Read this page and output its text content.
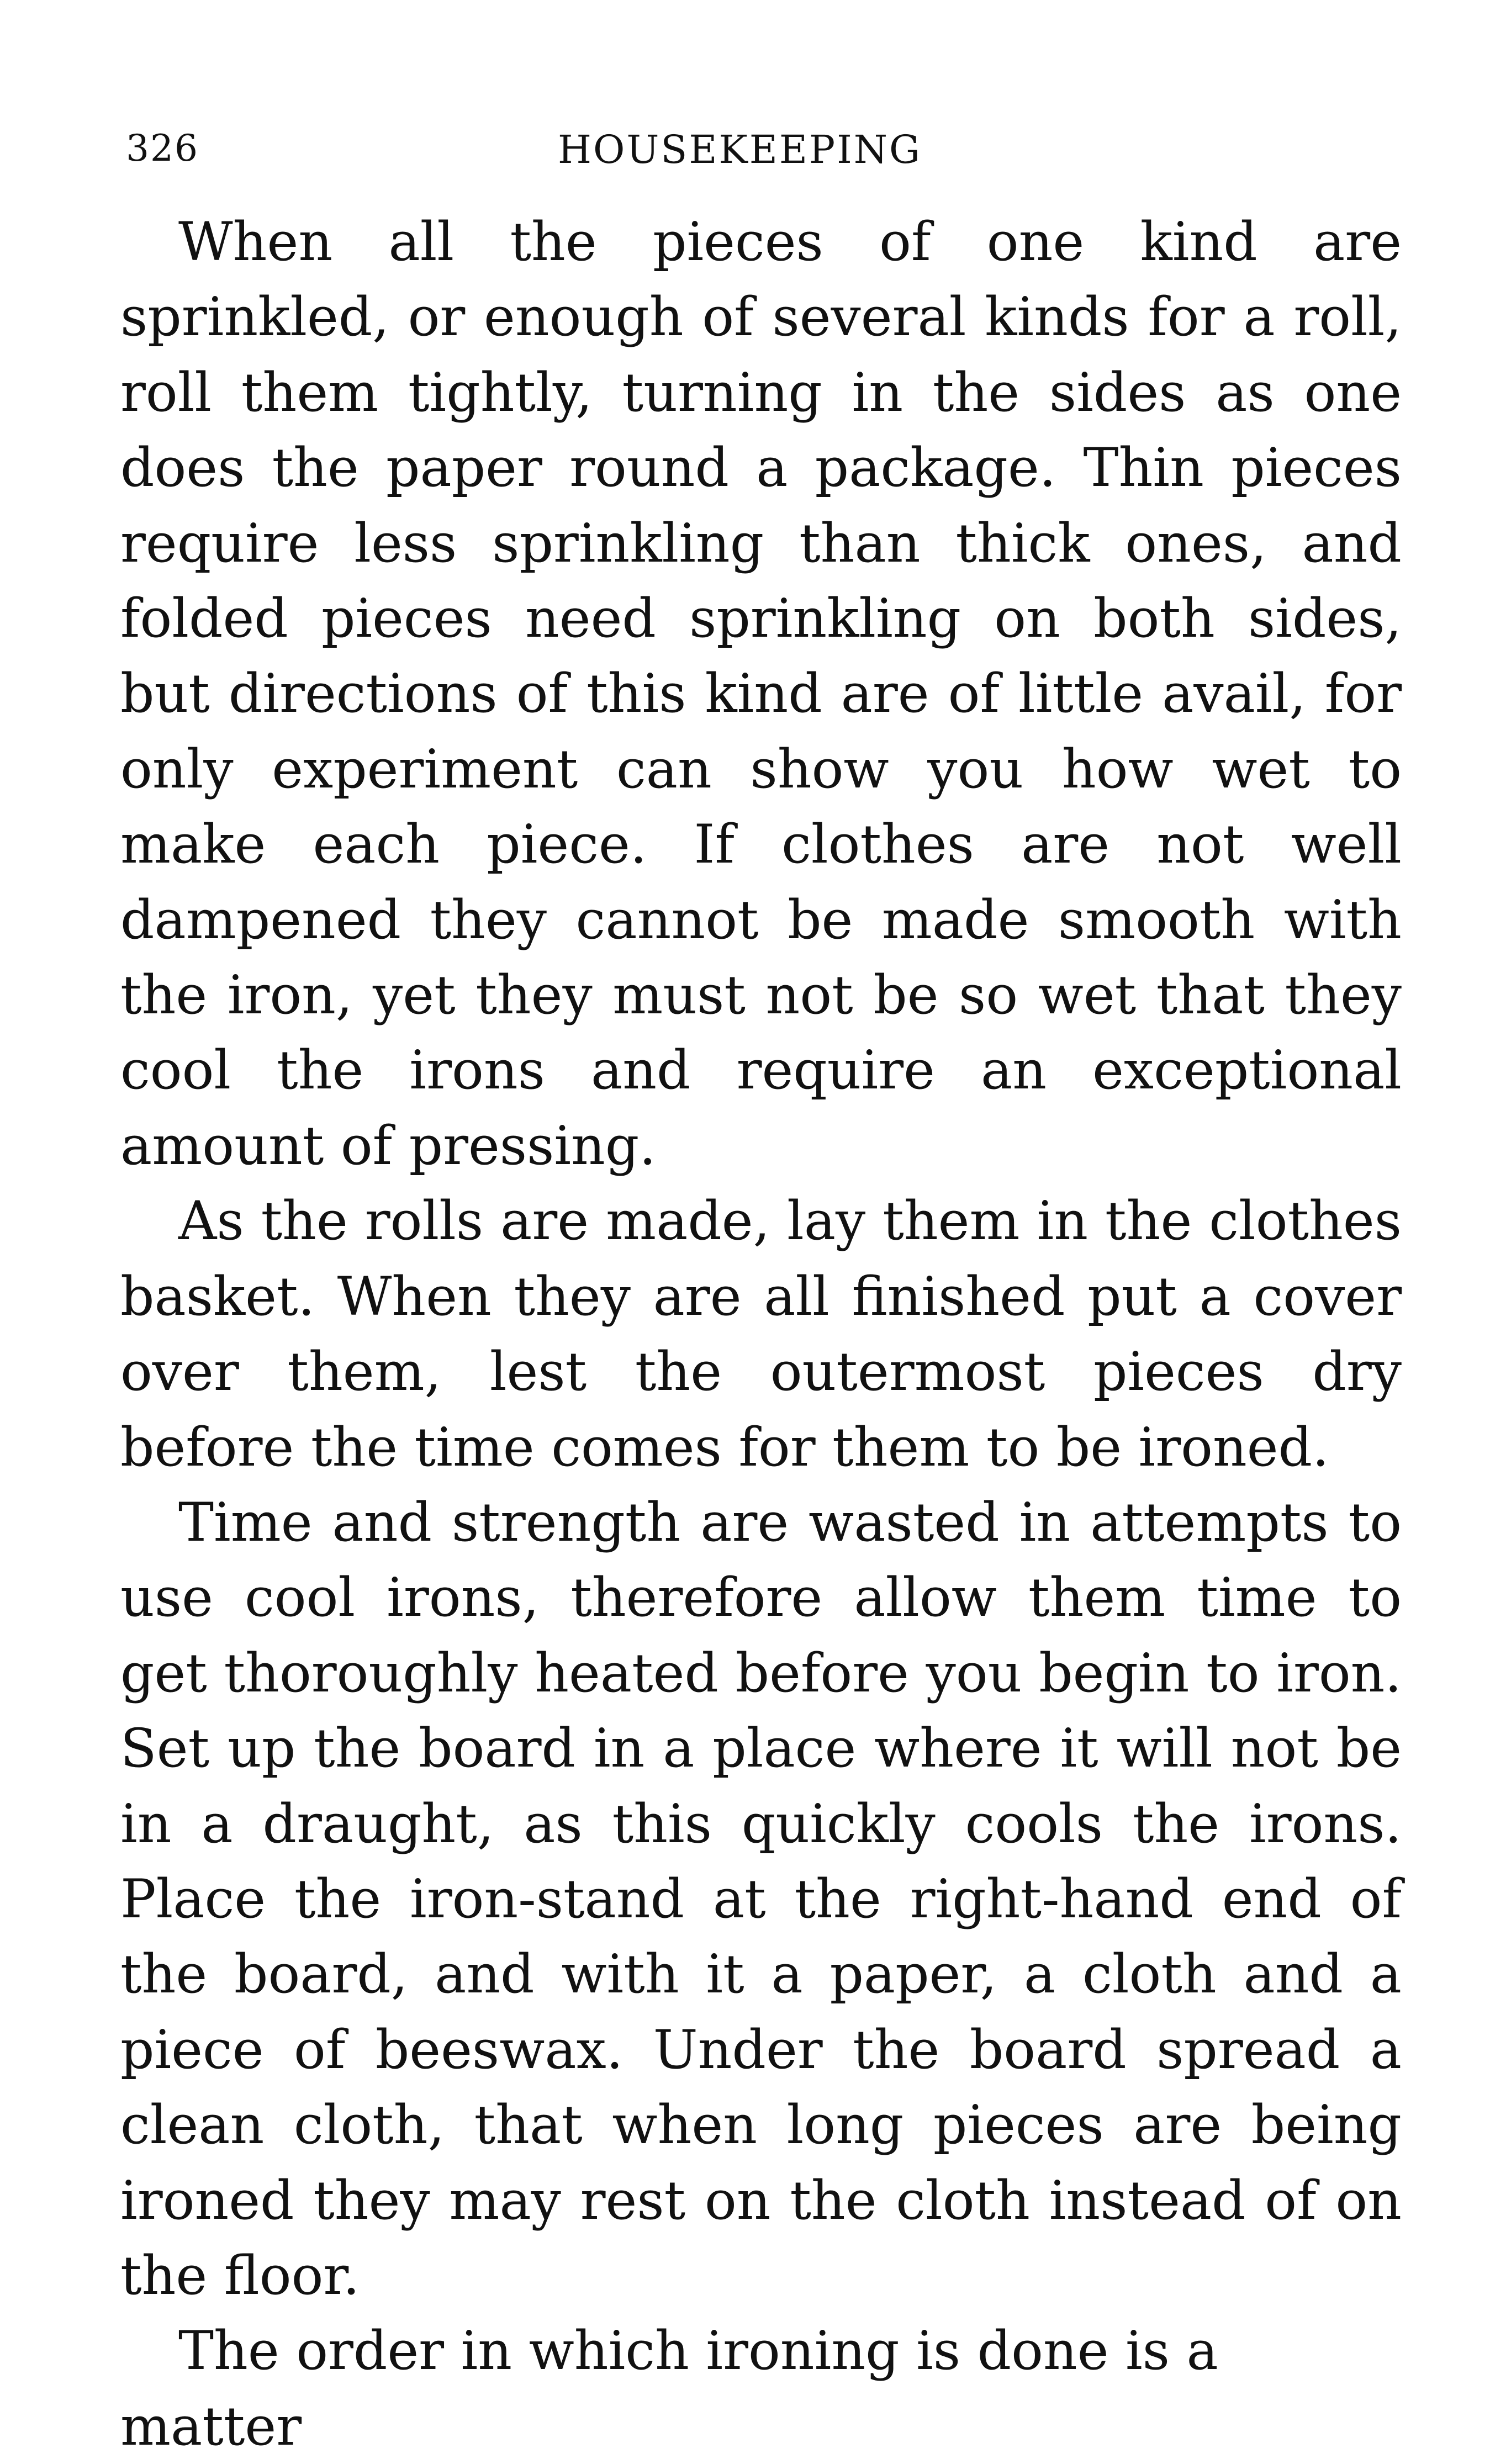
326	HOUSEKEEPING

When all the pieces of one kind are sprinkled, or enough of several kinds for a roll, roll them tightly, turning in the sides as one does the paper round a package. Thin pieces require less sprinkling than thick ones, and folded pieces need sprinkling on both sides, but directions of this kind are of little avail, for only experiment can show you how wet to make each piece. If clothes are not well dampened they cannot be made smooth with the iron, yet they must not be so wet that they cool the irons and require an exceptional amount of pressing.

As the rolls are made, lay them in the clothes basket. When they are all finished put a cover over them, lest the outermost pieces dry before the time comes for them to be ironed.

Time and strength are wasted in attempts to use cool irons, therefore allow them time to get thoroughly heated before you begin to iron. Set up the board in a place where it will not be in a draught, as this quickly cools the irons. Place the iron-stand at the right-hand end of the board, and with it a paper, a cloth and a piece of beeswax. Under the board spread a clean cloth, that when long pieces are being ironed they may rest on the cloth instead of on the floor.

The order in which ironing is done is a matter
